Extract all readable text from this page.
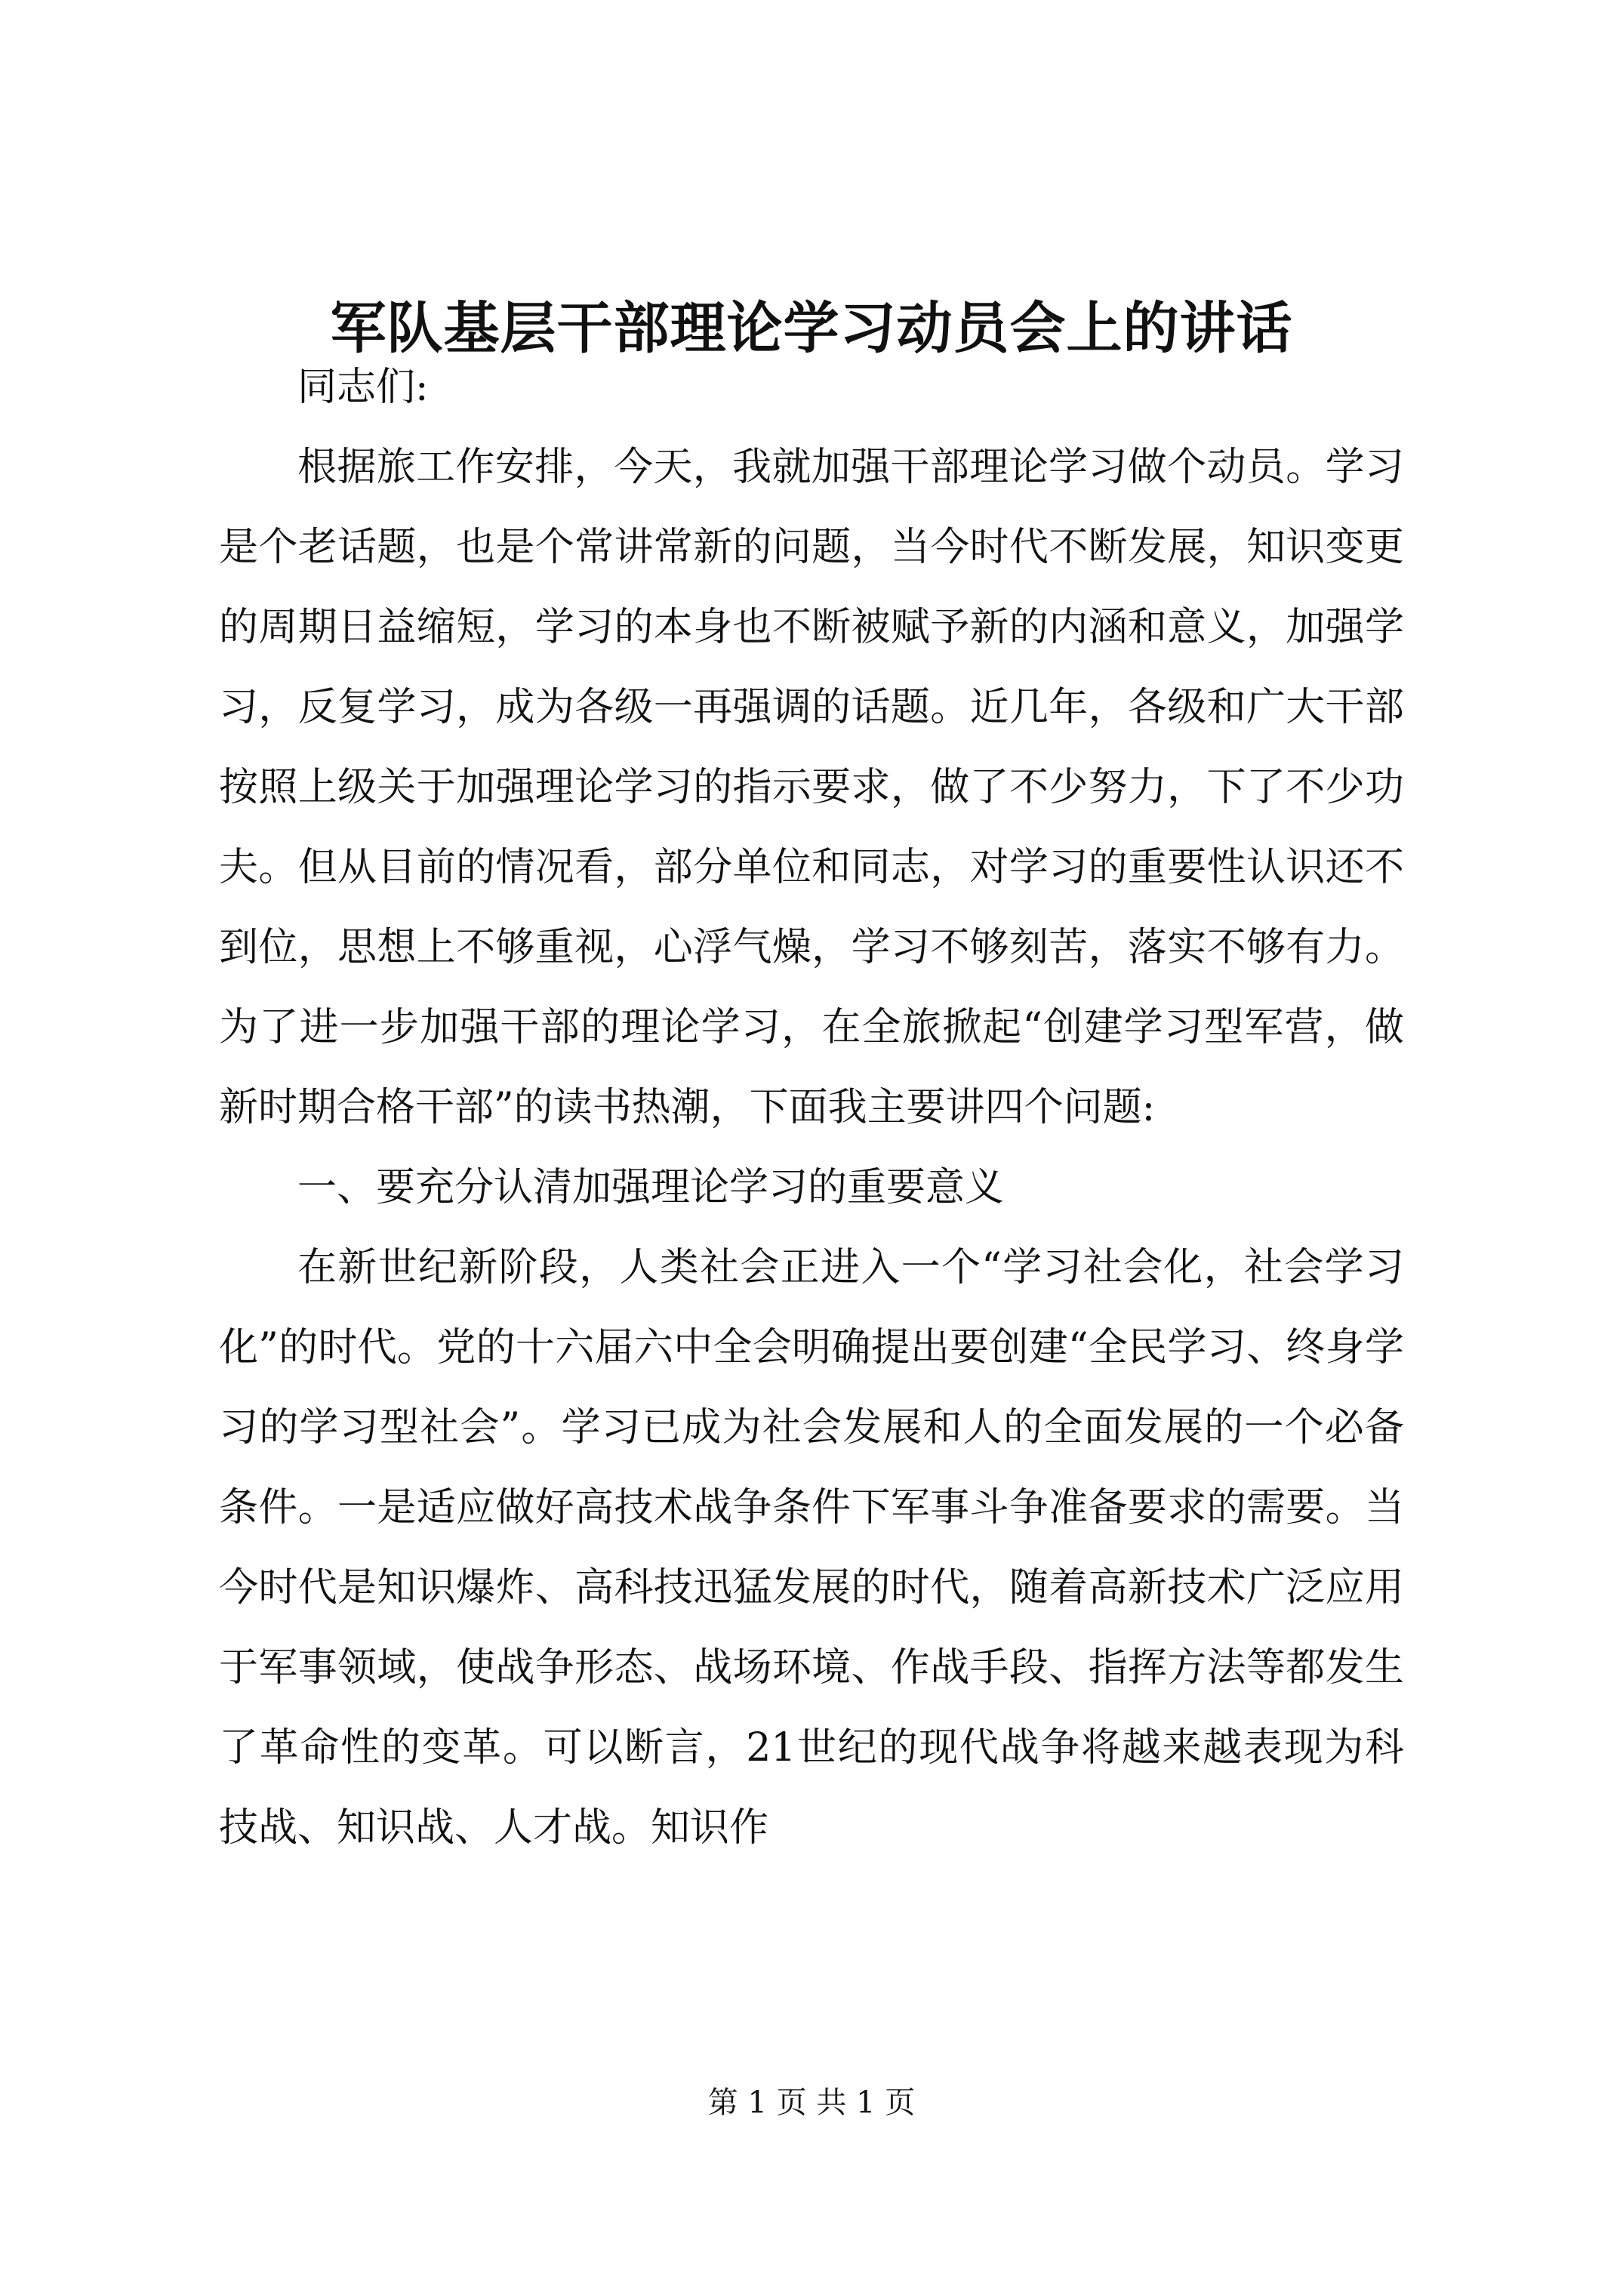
军队基层干部理论学习动员会上的讲话

同志们:

根据旅工作安排，今天，我就加强干部理论学习做个动员。学习是个老话题，也是个常讲常新的问题，当今时代不断发展，知识变更的周期日益缩短，学习的本身也不断被赋予新的内涵和意义，加强学习，反复学习，成为各级一再强调的话题。近几年，各级和广大干部按照上级关于加强理论学习的指示要求，做了不少努力，下了不少功夫。但从目前的情况看，部分单位和同志，对学习的重要性认识还不到位，思想上不够重视，心浮气燥，学习不够刻苦，落实不够有力。为了进一步加强干部的理论学习，在全旅掀起“创建学习型军营，做新时期合格干部”的读书热潮，下面我主要讲四个问题:

一、要充分认清加强理论学习的重要意义

在新世纪新阶段，人类社会正进入一个“学习社会化，社会学习化”的时代。党的十六届六中全会明确提出要创建“全民学习、终身学习的学习型社会”。学习已成为社会发展和人的全面发展的一个必备条件。一是适应做好高技术战争条件下军事斗争准备要求的需要。当今时代是知识爆炸、高科技迅猛发展的时代，随着高新技术广泛应用于军事领域，使战争形态、战场环境、作战手段、指挥方法等都发生了革命性的变革。可以断言，21世纪的现代战争将越来越表现为科技战、知识战、人才战。知识作

第 1 页 共 1 页
